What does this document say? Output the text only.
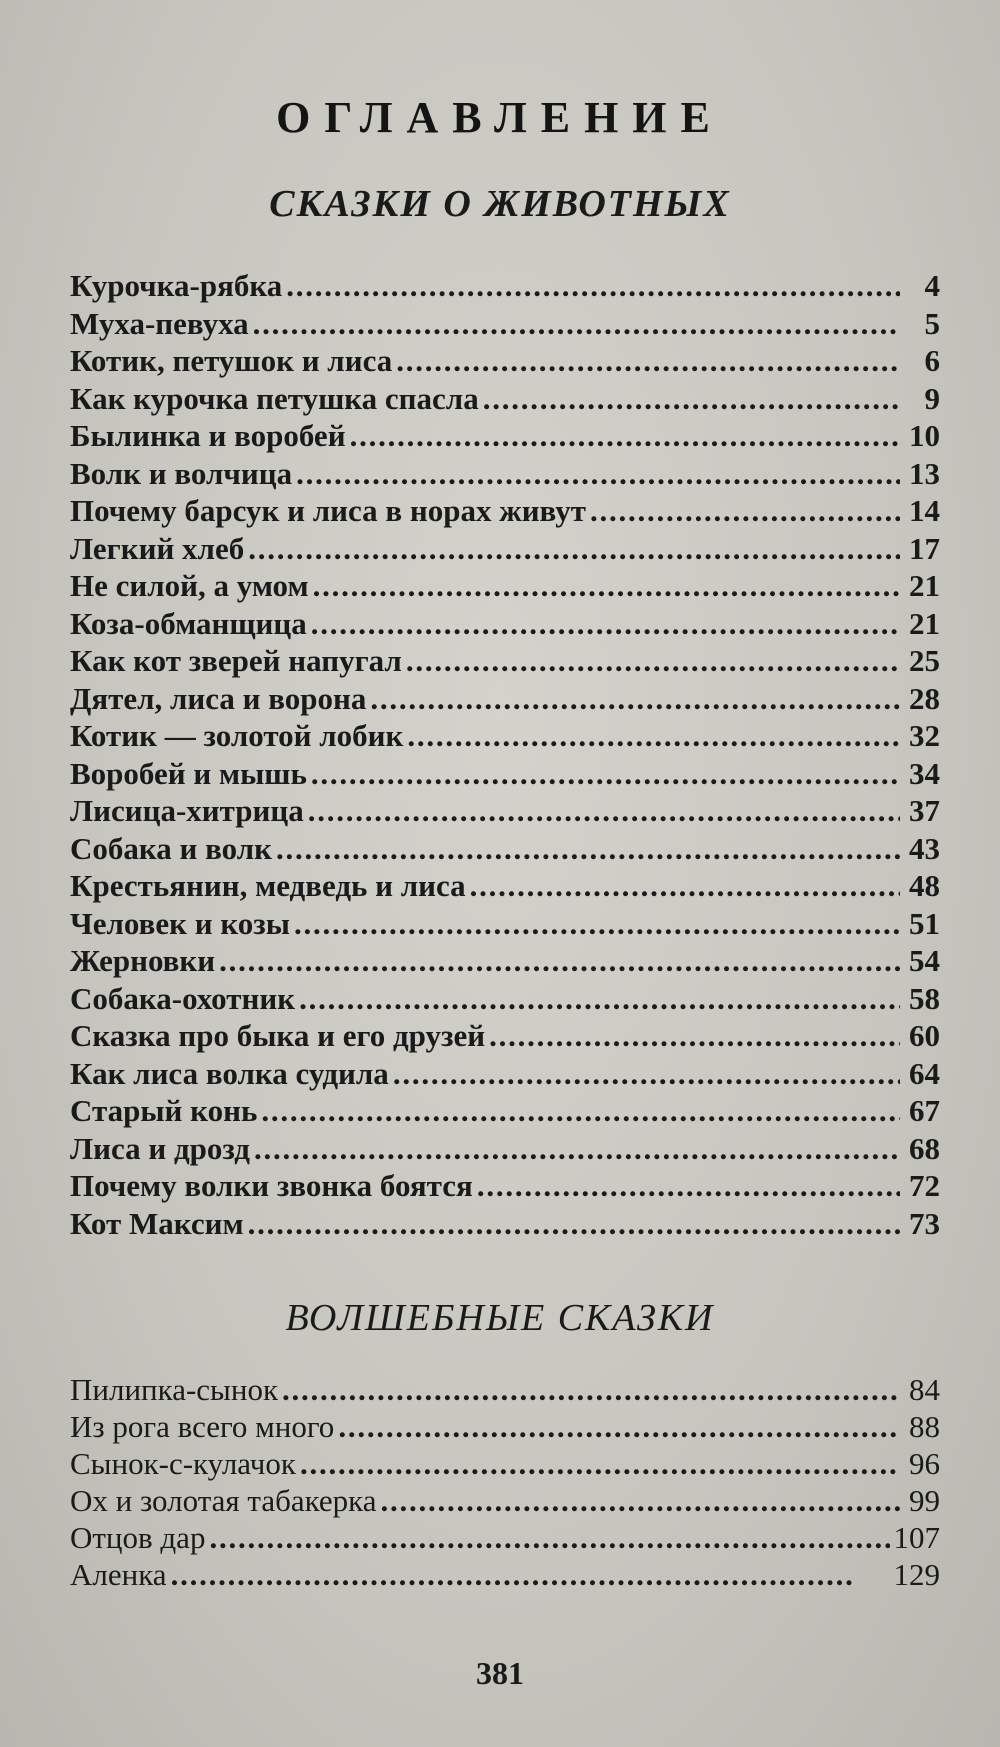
ОГЛАВЛЕНИЕ
СКАЗКИ О ЖИВОТНЫХ
Курочка-рябка . . .	4
Муха-певуха . . .	5
Котик, петушок и лиса . . .	6
Как курочка петушка спасла . . .	9
Былинка и воробей . . .	10
Волк и волчица . . .	13
Почему барсук и лиса в норах живут . . .	14
Легкий хлеб . . .	17
Не силой, а умом . . .	21
Коза-обманщица . . .	21
Как кот зверей напугал . . .	25
Дятел, лиса и ворона . . .	28
Котик — золотой лобик . . .	32
Воробей и мышь . . .	34
Лисица-хитрица . . .	37
Собака и волк . . .	43
Крестьянин, медведь и лиса . . .	48
Человек и козы . . .	51
Жерновки . . .	54
Собака-охотник . . .	58
Сказка про быка и его друзей . . .	60
Как лиса волка судила . . .	64
Старый конь . . .	67
Лиса и дрозд . . .	68
Почему волки звонка боятся . . .	72
Кот Максим . . .	73
ВОЛШЕБНЫЕ СКАЗКИ
Пилипка-сынок . . .	84
Из рога всего много . . .	88
Сынок-с-кулачок . . .	96
Ох и золотая табакерка . . .	99
Отцов дар . . .	107
Аленка . . .	129
381
